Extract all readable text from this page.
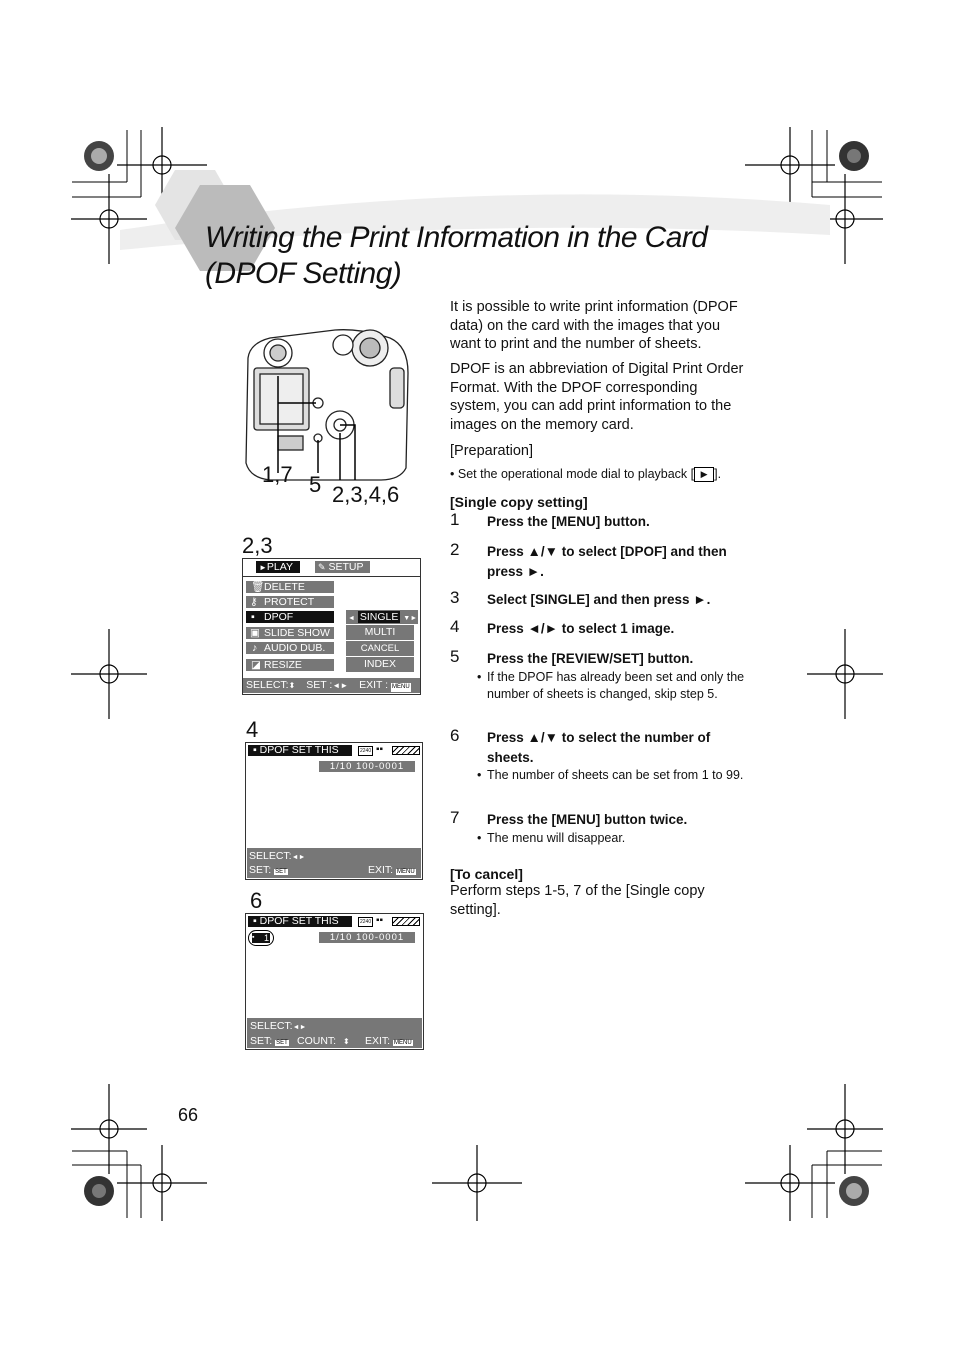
Writing the Print Information in the Card
(DPOF Setting)
1,7 5 2,3,4,6
2,3
►PLAY	✎ SETUP
🗑 DELETE
⚷ PROTECT
▪ DPOF
▣ SLIDE SHOW
♪ AUDIO DUB.
◪ RESIZE
◄ SINGLE ▼►
MULTI
CANCEL
INDEX
SELECT:⬍ SET :◄► EXIT : MENU
4
▪ DPOF SET THIS	2240 ▪▪
1/10 100-0001
SELECT:◄►
SET: SET	EXIT: MENU
6
▪ DPOF SET THIS	2240 ▪▪
▪ 1	1/10 100-0001
SELECT:◄►
SET: SET COUNT: ⬍ EXIT: MENU
It is possible to write print information (DPOF data) on the card with the images that you want to print and the number of sheets.
DPOF is an abbreviation of Digital Print Order Format. With the DPOF corresponding system, you can add print information to the images on the memory card.
[Preparation]
• Set the operational mode dial to playback [ ▶ ].
[Single copy setting]
1 Press the [MENU] button.
2 Press ▲/▼ to select [DPOF] and then press ►.
3 Select [SINGLE] and then press ►.
4 Press ◄/► to select 1 image.
5 Press the [REVIEW/SET] button.
• If the DPOF has already been set and only the number of sheets is changed, skip step 5.
6 Press ▲/▼ to select the number of sheets.
• The number of sheets can be set from 1 to 99.
7 Press the [MENU] button twice.
• The menu will disappear.
[To cancel]
Perform steps 1-5, 7 of the [Single copy setting].
66
